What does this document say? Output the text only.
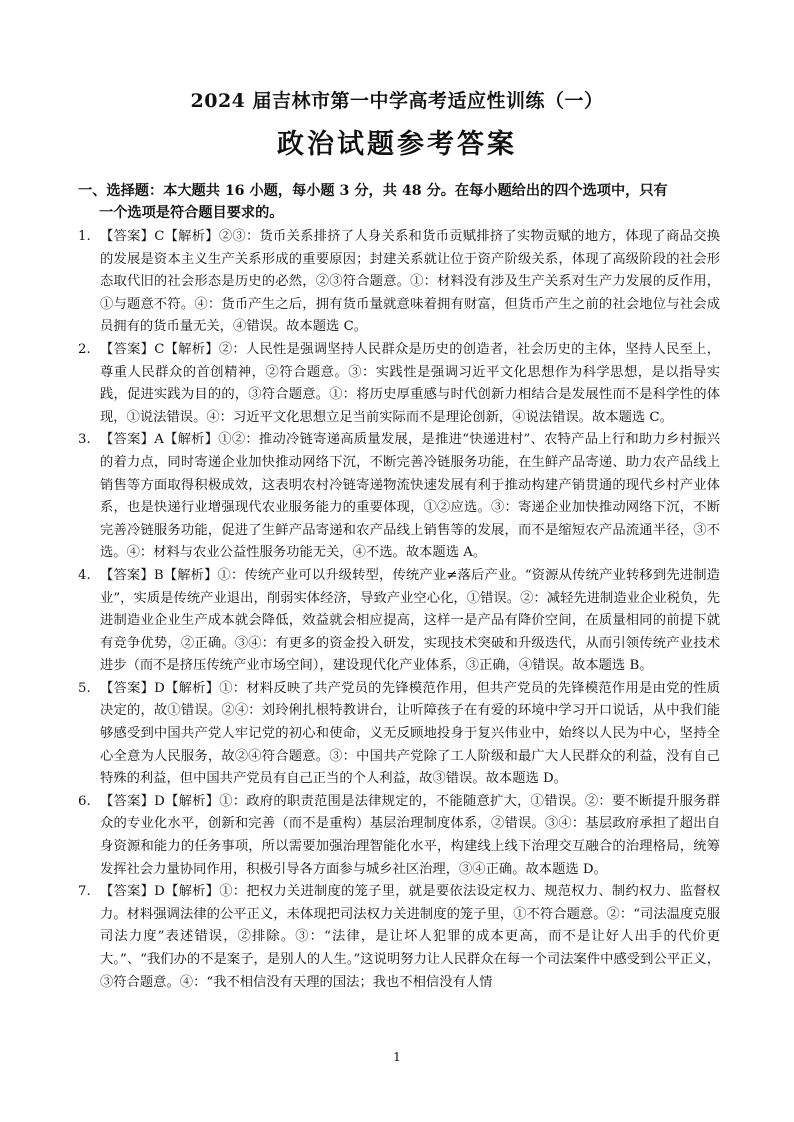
2024 届吉林市第一中学高考适应性训练（一）
政治试题参考答案
一、选择题：本大题共 16 小题，每小题 3 分，共 48 分。在每小题给出的四个选项中，只有
一个选项是符合题目要求的。

1. 【答案】C【解析】②③：货币关系排挤了人身关系和货币贡赋排挤了实物贡赋的地方，体现了商品交换的发展是资本主义生产关系形成的重要原因；封建关系就让位于资产阶级关系，体现了高级阶段的社会形态取代旧的社会形态是历史的必然，②③符合题意。①：材料没有涉及生产关系对生产力发展的反作用，①与题意不符。④：货币产生之后，拥有货币量就意味着拥有财富，但货币产生之前的社会地位与社会成员拥有的货币量无关，④错误。故本题选 C。

2. 【答案】C【解析】②：人民性是强调坚持人民群众是历史的创造者，社会历史的主体，坚持人民至上，尊重人民群众的首创精神，②符合题意。③：实践性是强调习近平文化思想作为科学思想，是以指导实践，促进实践为目的的，③符合题意。①：将历史厚重感与时代创新力相结合是发展性而不是科学性的体现，①说法错误。④：习近平文化思想立足当前实际而不是理论创新，④说法错误。故本题选 C。

3. 【答案】A【解析】①②：推动冷链寄递高质量发展，是推进“快递进村”、农特产品上行和助力乡村振兴的着力点，同时寄递企业加快推动网络下沉，不断完善冷链服务功能，在生鲜产品寄递、助力农产品线上销售等方面取得积极成效，这表明农村冷链寄递物流快速发展有利于推动构建产销贯通的现代乡村产业体系，也是快递行业增强现代农业服务能力的重要体现，①②应选。③：寄递企业加快推动网络下沉，不断完善冷链服务功能，促进了生鲜产品寄递和农产品线上销售等的发展，而不是缩短农产品流通半径，③不选。④：材料与农业公益性服务功能无关，④不选。故本题选 A。

4. 【答案】B【解析】①：传统产业可以升级转型，传统产业≠落后产业。“资源从传统产业转移到先进制造业”，实质是传统产业退出，削弱实体经济，导致产业空心化，①错误。②：减轻先进制造业企业税负，先进制造业企业生产成本就会降低，效益就会相应提高，这样一是产品有降价空间，在质量相同的前提下就有竞争优势，②正确。③④：有更多的资金投入研发，实现技术突破和升级迭代，从而引领传统产业技术进步（而不是挤压传统产业市场空间），建设现代化产业体系，③正确，④错误。故本题选 B。

5. 【答案】D【解析】①：材料反映了共产党员的先锋模范作用，但共产党员的先锋模范作用是由党的性质决定的，故①错误。②④：刘玲俐扎根特教讲台，让听障孩子在有爱的环境中学习开口说话，从中我们能够感受到中国共产党人牢记党的初心和使命，义无反顾地投身于复兴伟业中，始终以人民为中心，坚持全心全意为人民服务，故②④符合题意。③：中国共产党除了工人阶级和最广大人民群众的利益，没有自己特殊的利益，但中国共产党员有自己正当的个人利益，故③错误。故本题选 D。

6. 【答案】D【解析】①：政府的职责范围是法律规定的，不能随意扩大，①错误。②：要不断提升服务群众的专业化水平，创新和完善（而不是重构）基层治理制度体系，②错误。③④：基层政府承担了超出自身资源和能力的任务事项，所以需要加强治理智能化水平，构建线上线下治理交互融合的治理格局，统筹发挥社会力量协同作用，积极引导各方面参与城乡社区治理，③④正确。故本题选 D。

7. 【答案】D【解析】①：把权力关进制度的笼子里，就是要依法设定权力、规范权力、制约权力、监督权力。材料强调法律的公平正义，未体现把司法权力关进制度的笼子里，①不符合题意。②：“司法温度克服司法力度”表述错误，②排除。③：“法律，是让坏人犯罪的成本更高，而不是让好人出手的代价更大。”、“我们办的不是案子，是别人的人生。”这说明努力让人民群众在每一个司法案件中感受到公平正义，③符合题意。④：“我不相信没有天理的国法；我也不相信没有人情

1
